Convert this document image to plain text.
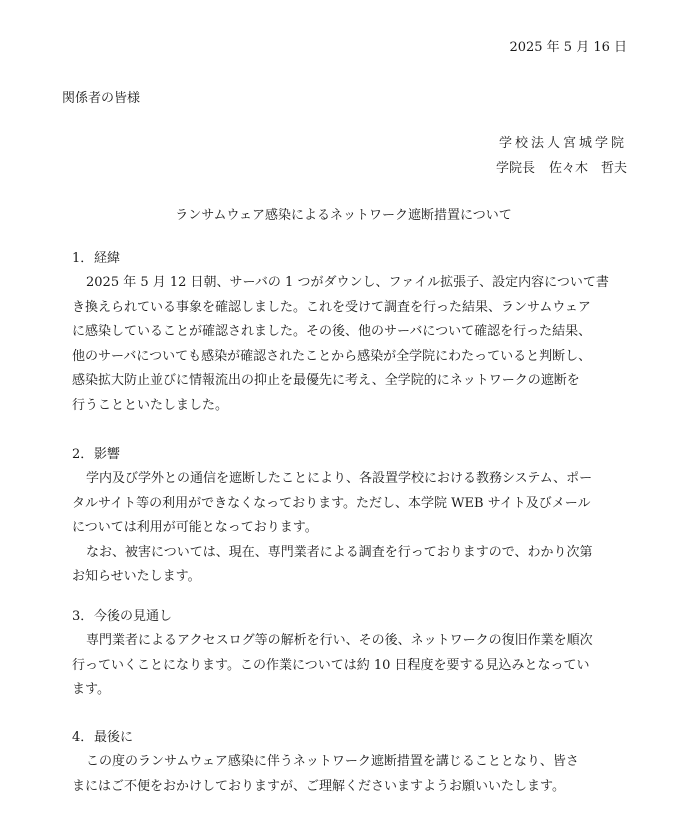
2025 年 5 月 16 日
関係者の皆様
学校法人宮城学院
学院長 佐々木　哲夫
ランサムウェア感染によるネットワーク遮断措置について
1．経緯
2025 年 5 月 12 日朝、サーバの 1 つがダウンし、ファイル拡張子、設定内容について書
き換えられている事象を確認しました。これを受けて調査を行った結果、ランサムウェア
に感染していることが確認されました。その後、他のサーバについて確認を行った結果、
他のサーバについても感染が確認されたことから感染が全学院にわたっていると判断し、
感染拡大防止並びに情報流出の抑止を最優先に考え、全学院的にネットワークの遮断を
行うことといたしました。
2．影響
学内及び学外との通信を遮断したことにより、各設置学校における教務システム、ポー
タルサイト等の利用ができなくなっております。ただし、本学院 WEB サイト及びメール
については利用が可能となっております。
なお、被害については、現在、専門業者による調査を行っておりますので、わかり次第
お知らせいたします。
3．今後の見通し
専門業者によるアクセスログ等の解析を行い、その後、ネットワークの復旧作業を順次
行っていくことになります。この作業については約 10 日程度を要する見込みとなってい
ます。
4．最後に
この度のランサムウェア感染に伴うネットワーク遮断措置を講じることとなり、皆さ
まにはご不便をおかけしておりますが、ご理解くださいますようお願いいたします。
